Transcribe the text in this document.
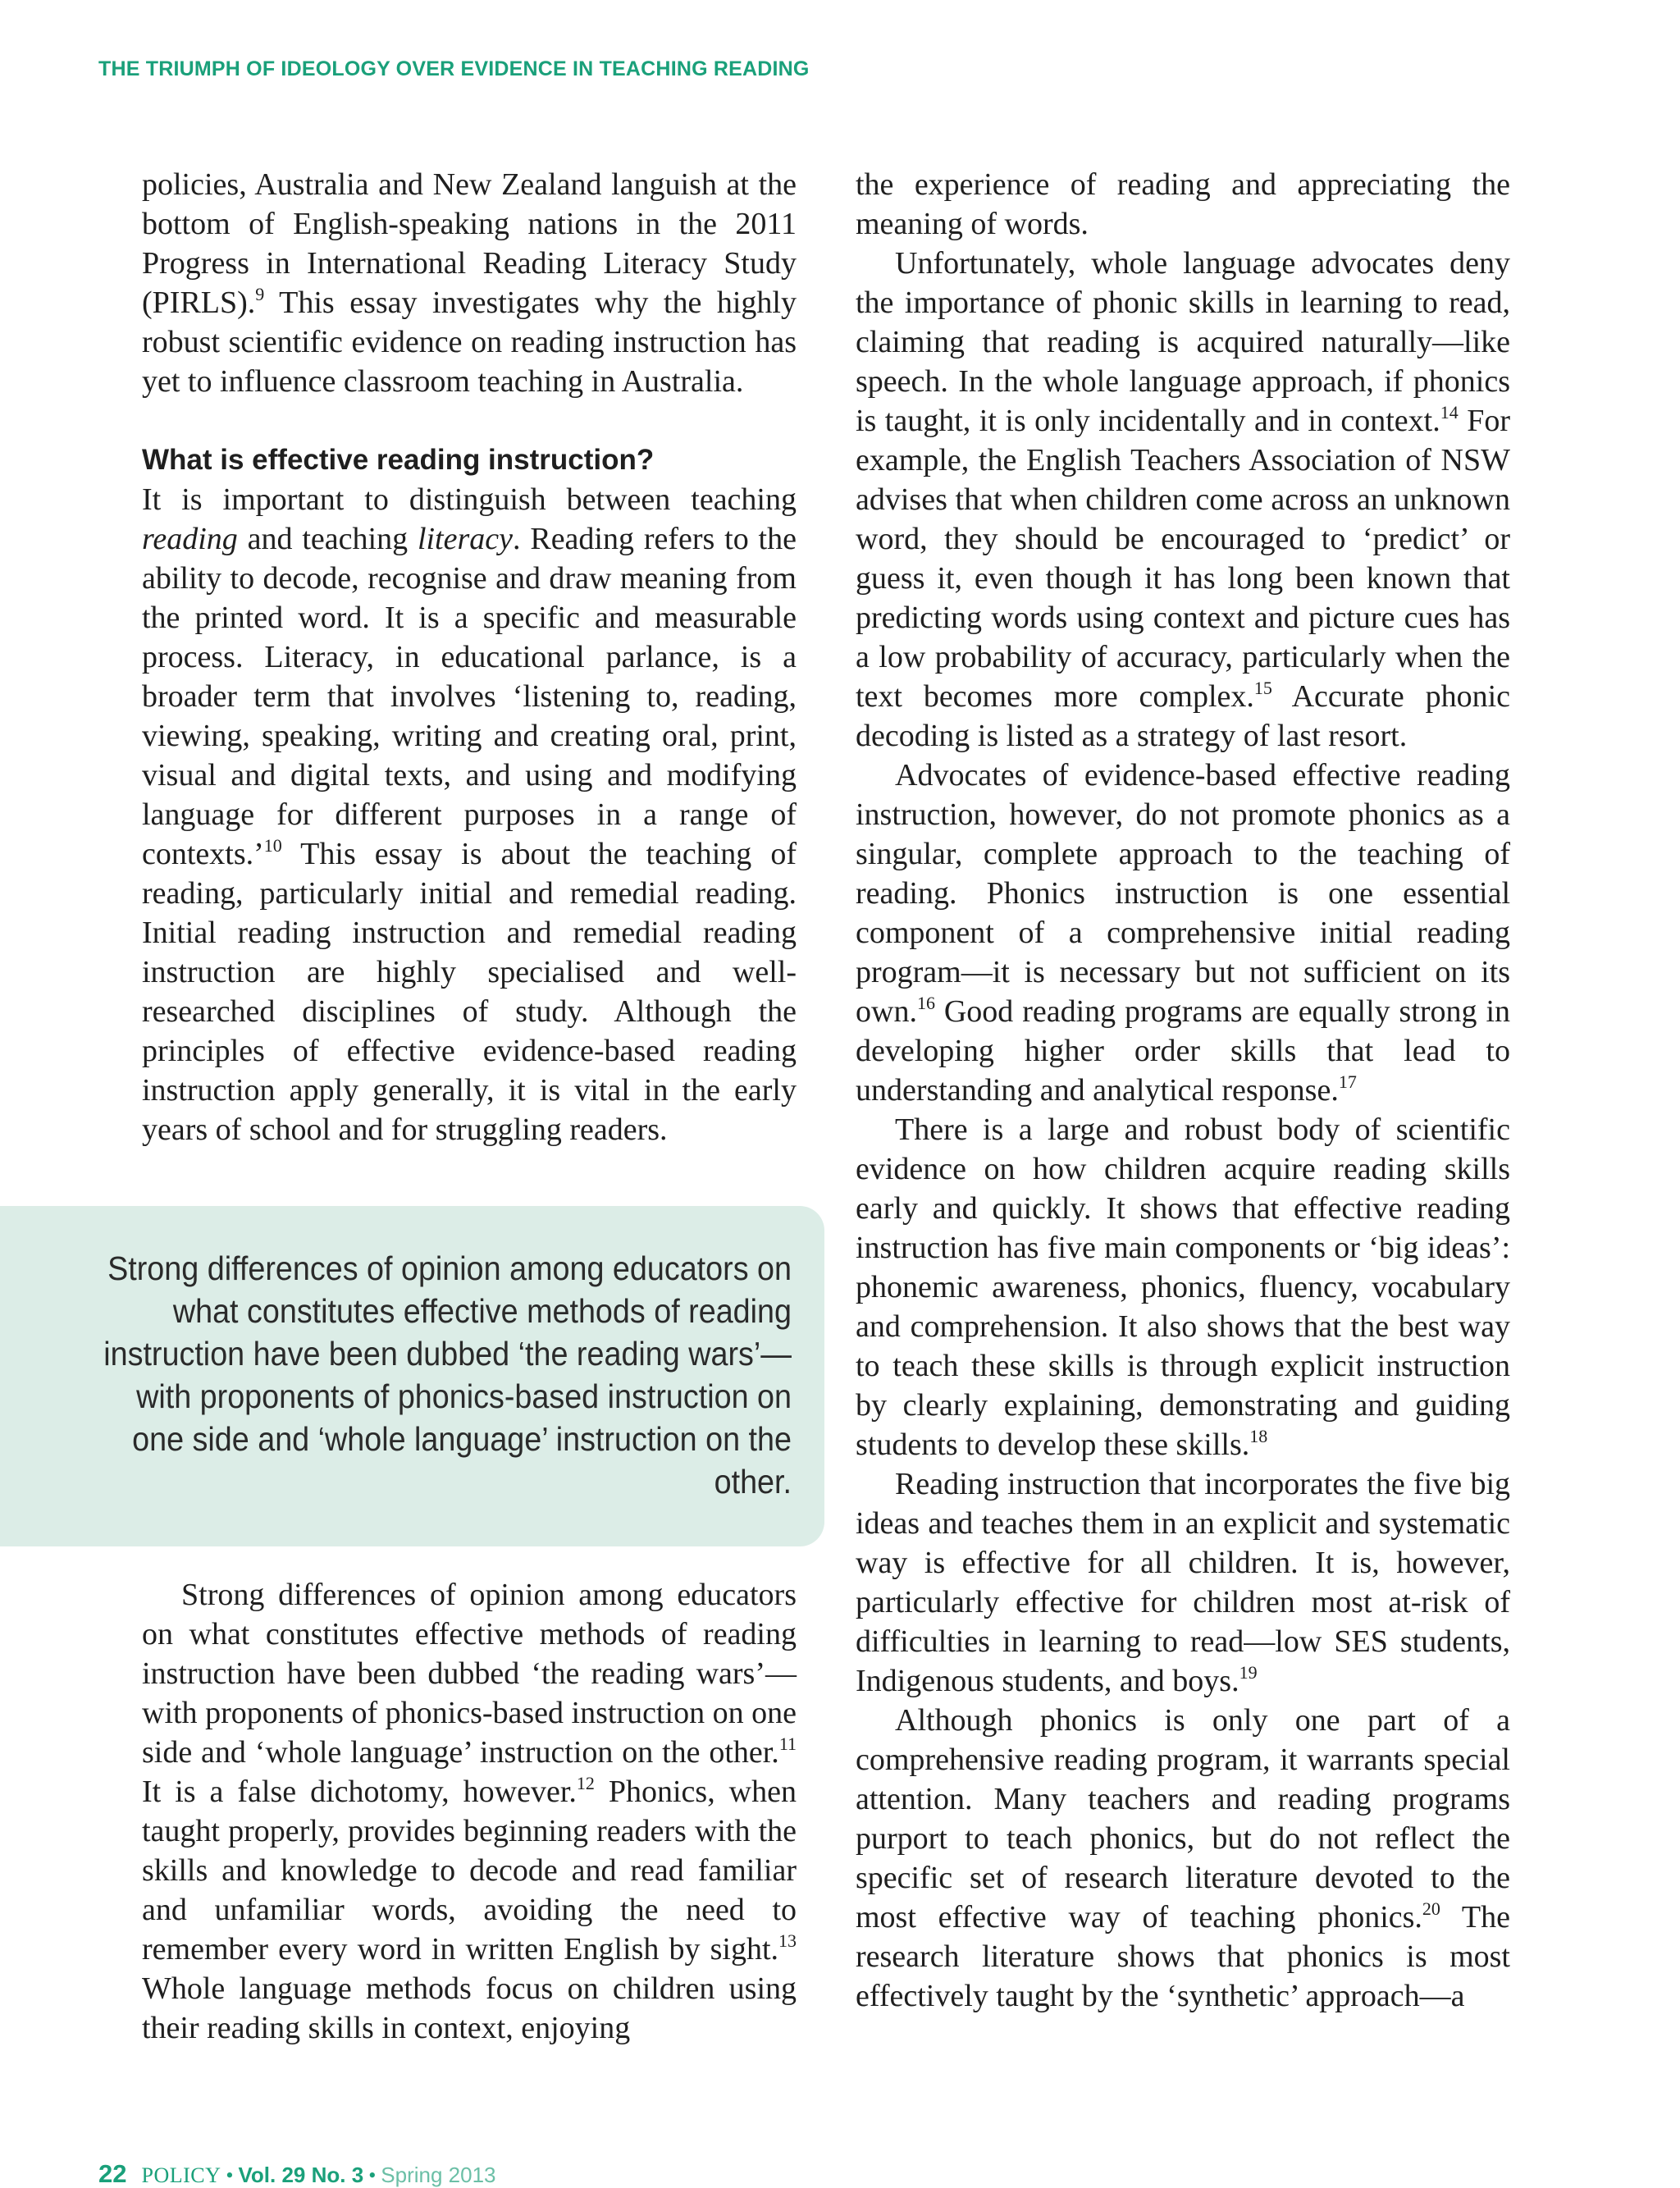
THE TRIUMPH OF IDEOLOGY OVER EVIDENCE IN TEACHING READING

policies, Australia and New Zealand languish at the bottom of English-speaking nations in the 2011 Progress in International Reading Literacy Study (PIRLS).$^9$ This essay investigates why the highly robust scientific evidence on reading instruction has yet to influence classroom teaching in Australia.

What is effective reading instruction?

It is important to distinguish between teaching reading and teaching literacy. Reading refers to the ability to decode, recognise and draw meaning from the printed word. It is a specific and measurable process. Literacy, in educational parlance, is a broader term that involves ‘listening to, reading, viewing, speaking, writing and creating oral, print, visual and digital texts, and using and modifying language for different purposes in a range of contexts.’$^{10}$ This essay is about the teaching of reading, particularly initial and remedial reading. Initial reading instruction and remedial reading instruction are highly specialised and well-researched disciplines of study. Although the principles of effective evidence-based reading instruction apply generally, it is vital in the early years of school and for struggling readers.

Strong differences of opinion among educators on what constitutes effective methods of reading instruction have been dubbed ‘the reading wars’—with proponents of phonics-based instruction on one side and ‘whole language’ instruction on the other.

Strong differences of opinion among educators on what constitutes effective methods of reading instruction have been dubbed ‘the reading wars’—with proponents of phonics-based instruction on one side and ‘whole language’ instruction on the other.$^{11}$ It is a false dichotomy, however.$^{12}$ Phonics, when taught properly, provides beginning readers with the skills and knowledge to decode and read familiar and unfamiliar words, avoiding the need to remember every word in written English by sight.$^{13}$ Whole language methods focus on children using their reading skills in context, enjoying

the experience of reading and appreciating the meaning of words.

Unfortunately, whole language advocates deny the importance of phonic skills in learning to read, claiming that reading is acquired naturally—like speech. In the whole language approach, if phonics is taught, it is only incidentally and in context.$^{14}$ For example, the English Teachers Association of NSW advises that when children come across an unknown word, they should be encouraged to ‘predict’ or guess it, even though it has long been known that predicting words using context and picture cues has a low probability of accuracy, particularly when the text becomes more complex.$^{15}$ Accurate phonic decoding is listed as a strategy of last resort.

Advocates of evidence-based effective reading instruction, however, do not promote phonics as a singular, complete approach to the teaching of reading. Phonics instruction is one essential component of a comprehensive initial reading program—it is necessary but not sufficient on its own.$^{16}$ Good reading programs are equally strong in developing higher order skills that lead to understanding and analytical response.$^{17}$

There is a large and robust body of scientific evidence on how children acquire reading skills early and quickly. It shows that effective reading instruction has five main components or ‘big ideas’: phonemic awareness, phonics, fluency, vocabulary and comprehension. It also shows that the best way to teach these skills is through explicit instruction by clearly explaining, demonstrating and guiding students to develop these skills.$^{18}$

Reading instruction that incorporates the five big ideas and teaches them in an explicit and systematic way is effective for all children. It is, however, particularly effective for children most at-risk of difficulties in learning to read—low SES students, Indigenous students, and boys.$^{19}$

Although phonics is only one part of a comprehensive reading program, it warrants special attention. Many teachers and reading programs purport to teach phonics, but do not reflect the specific set of research literature devoted to the most effective way of teaching phonics.$^{20}$ The research literature shows that phonics is most effectively taught by the ‘synthetic’ approach—a

22 POLICY • Vol. 29 No. 3 • Spring 2013
